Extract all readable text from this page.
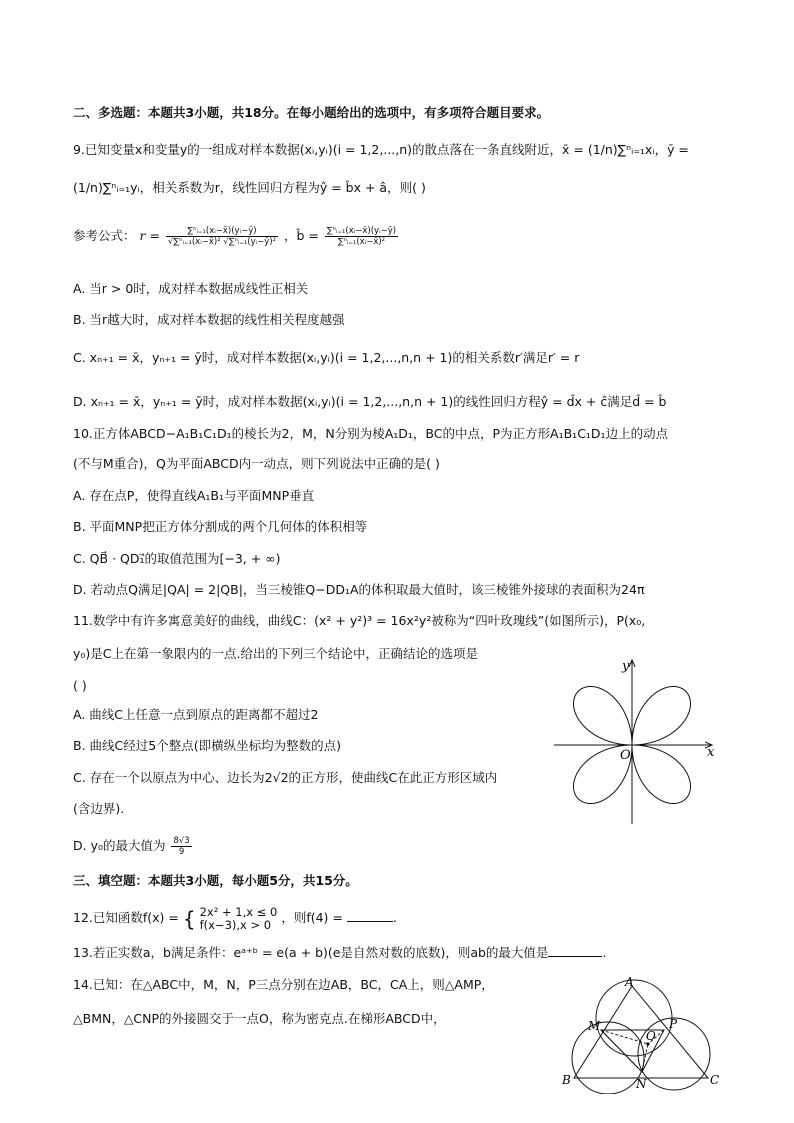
二、多选题：本题共3小题，共18分。在每小题给出的选项中，有多项符合题目要求。
9.已知变量x和变量y的一组成对样本数据(xᵢ,yᵢ)(i = 1,2,...,n)的散点落在一条直线附近，x̄ = (1/n)∑ⁿᵢ₌₁xᵢ，ȳ =
(1/n)∑ⁿᵢ₌₁yᵢ，相关系数为r，线性回归方程为ŷ = b̂x + â，则( )
参考公式： $r = \frac{\text{∑ⁿᵢ₌₁(xᵢ−x̄)(yᵢ−ȳ)}}{\text{√∑ⁿᵢ₌₁(xᵢ−x̄)² √∑ⁿᵢ₌₁(yᵢ−ȳ)²}}$ ，b̂ = $\frac{\text{∑ⁿᵢ₌₁(xᵢ−x̄)(yᵢ−ȳ)}}{\text{∑ⁿᵢ₌₁(xᵢ−x̄)²}}$
A. 当r > 0时，成对样本数据成线性正相关
B. 当r越大时，成对样本数据的线性相关程度越强
C. xₙ₊₁ = x̄，yₙ₊₁ = ȳ时，成对样本数据(xᵢ,yᵢ)(i = 1,2,...,n,n + 1)的相关系数r′满足r′ = r
D. xₙ₊₁ = x̄，yₙ₊₁ = ȳ时，成对样本数据(xᵢ,yᵢ)(i = 1,2,...,n,n + 1)的线性回归方程ŷ = d̂x + ĉ满足d̂ = b̂
10.正方体ABCD−A₁B₁C₁D₁的棱长为2，M，N分别为棱A₁D₁，BC的中点，P为正方形A₁B₁C₁D₁边上的动点
(不与M重合)，Q为平面ABCD内一动点，则下列说法中正确的是( )
A. 存在点P，使得直线A₁B₁与平面MNP垂直
B. 平面MNP把正方体分割成的两个几何体的体积相等
C. QB⃗ · QD₁⃗的取值范围为[−3, + ∞)
D. 若动点Q满足|QA| = 2|QB|，当三棱锥Q−DD₁A的体积取最大值时，该三棱锥外接球的表面积为24π
11.数学中有许多寓意美好的曲线，曲线C：(x² + y²)³ = 16x²y²被称为“四叶玫瑰线”(如图所示)，P(x₀,
y₀)是C上在第一象限内的一点.给出的下列三个结论中，正确结论的选项是
( )
A. 曲线C上任意一点到原点的距离都不超过2
B. 曲线C经过5个整点(即横纵坐标均为整数的点)
C. 存在一个以原点为中心、边长为2√2的正方形，使曲线C在此正方形区域内
(含边界).
D. y₀的最大值为 $\frac{8√3}{9}$
x
y
O
三、填空题：本题共3小题，每小题5分，共15分。
12.已知函数f(x) = { 2x² + 1,x ≤ 0
f(x−3),x > 0 ，则f(4) =	.
13.若正实数a，b满足条件：eᵃ⁺ᵇ = e(a + b)(e是自然对数的底数)，则ab的最大值是	.
14.已知：在△ABC中，M，N，P三点分别在边AB，BC，CA上，则△AMP，
△BMN，△CNP的外接圆交于一点O，称为密克点.在梯形ABCD中，
A
B	C
M
N
P
O
